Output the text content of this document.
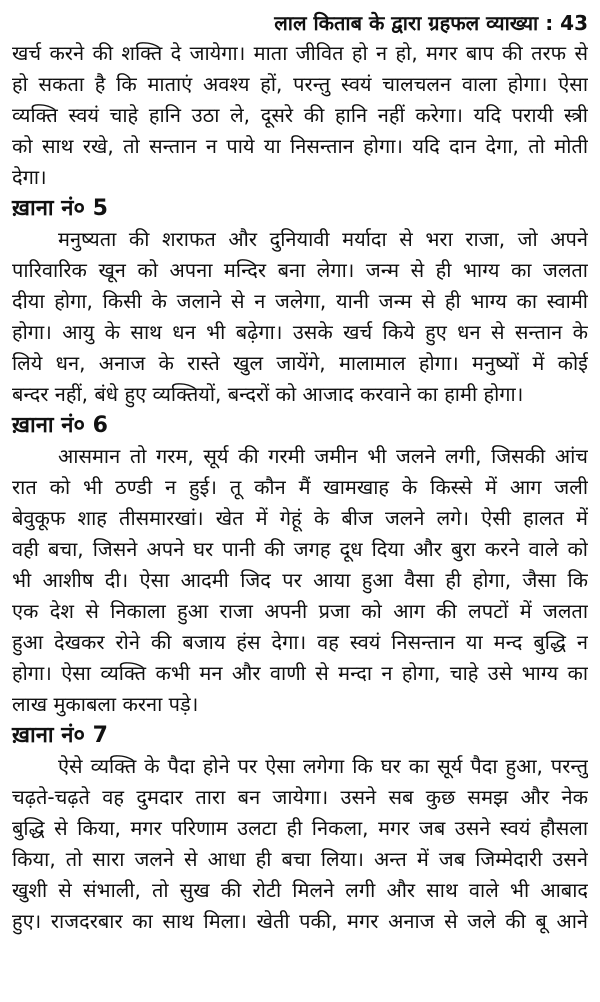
लाल किताब के द्वारा ग्रहफल व्याख्या : 43
खर्च करने की शक्ति दे जायेगा। माता जीवित हो न हो, मगर बाप की तरफ से
हो सकता है कि माताएं अवश्य हों, परन्तु स्वयं चालचलन वाला होगा। ऐसा
व्यक्ति स्वयं चाहे हानि उठा ले, दूसरे की हानि नहीं करेगा। यदि परायी स्त्री
को साथ रखे, तो सन्तान न पाये या निसन्तान होगा। यदि दान देगा, तो मोती
देगा।
ख़ाना नं० 5
मनुष्यता की शराफत और दुनियावी मर्यादा से भरा राजा, जो अपने
पारिवारिक खून को अपना मन्दिर बना लेगा। जन्म से ही भाग्य का जलता
दीया होगा, किसी के जलाने से न जलेगा, यानी जन्म से ही भाग्य का स्वामी
होगा। आयु के साथ धन भी बढ़ेगा। उसके खर्च किये हुए धन से सन्तान के
लिये धन, अनाज के रास्ते खुल जायेंगे, मालामाल होगा। मनुष्यों में कोई
बन्दर नहीं, बंधे हुए व्यक्तियों, बन्दरों को आजाद करवाने का हामी होगा।
ख़ाना नं० 6
आसमान तो गरम, सूर्य की गरमी जमीन भी जलने लगी, जिसकी आंच
रात को भी ठण्डी न हुई। तू कौन मैं खामखाह के किस्से में आग जली
बेवुकूफ शाह तीसमारखां। खेत में गेहूं के बीज जलने लगे। ऐसी हालत में
वही बचा, जिसने अपने घर पानी की जगह दूध दिया और बुरा करने वाले को
भी आशीष दी। ऐसा आदमी जिद पर आया हुआ वैसा ही होगा, जैसा कि
एक देश से निकाला हुआ राजा अपनी प्रजा को आग की लपटों में जलता
हुआ देखकर रोने की बजाय हंस देगा। वह स्वयं निसन्तान या मन्द बुद्धि न
होगा। ऐसा व्यक्ति कभी मन और वाणी से मन्दा न होगा, चाहे उसे भाग्य का
लाख मुकाबला करना पड़े।
ख़ाना नं० 7
ऐसे व्यक्ति के पैदा होने पर ऐसा लगेगा कि घर का सूर्य पैदा हुआ, परन्तु
चढ़ते-चढ़ते वह दुमदार तारा बन जायेगा। उसने सब कुछ समझ और नेक
बुद्धि से किया, मगर परिणाम उलटा ही निकला, मगर जब उसने स्वयं हौसला
किया, तो सारा जलने से आधा ही बचा लिया। अन्त में जब जिम्मेदारी उसने
खुशी से संभाली, तो सुख की रोटी मिलने लगी और साथ वाले भी आबाद
हुए। राजदरबार का साथ मिला। खेती पकी, मगर अनाज से जले की बू आने
